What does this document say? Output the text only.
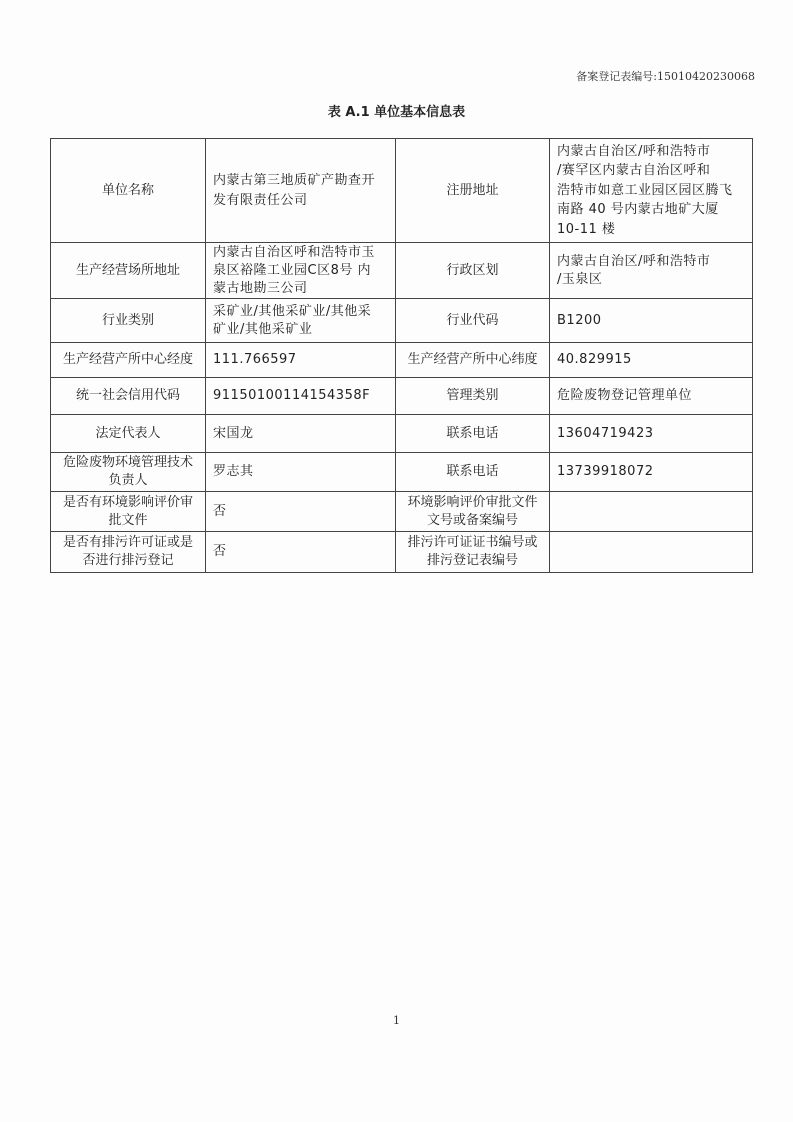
备案登记表编号:15010420230068
表 A.1 单位基本信息表
单位名称	内蒙古第三地质矿产勘查开
发有限责任公司	注册地址	内蒙古自治区/呼和浩特市
/赛罕区内蒙古自治区呼和
浩特市如意工业园区园区腾飞
南路 40 号内蒙古地矿大厦
10-11 楼

生产经营场所地址	内蒙古自治区呼和浩特市玉
泉区裕隆工业园C区8号 内
蒙古地勘三公司	行政区划	内蒙古自治区/呼和浩特市
/玉泉区

行业类别	采矿业/其他采矿业/其他采
矿业/其他采矿业	行业代码	B1200

生产经营产所中心经度	111.766597	生产经营产所中心纬度	40.829915

统一社会信用代码	91150100114154358F	管理类别	危险废物登记管理单位

法定代表人	宋国龙	联系电话	13604719423

危险废物环境管理技术
负责人	罗志其	联系电话	13739918072

是否有环境影响评价审
批文件	否	环境影响评价审批文件
文号或备案编号	

是否有排污许可证或是
否进行排污登记	否	排污许可证证书编号或
排污登记表编号	

1
